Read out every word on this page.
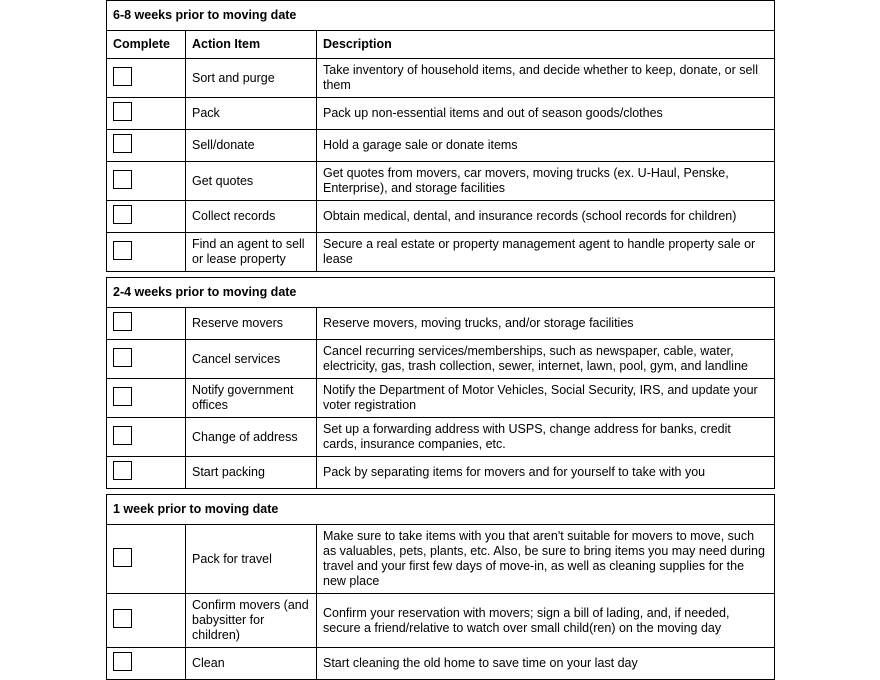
6-8 weeks prior to moving date		
Complete	Action Item	Description
	Sort and purge	Take inventory of household items, and decide whether to keep, donate, or sell them
	Pack	Pack up non-essential items and out of season goods/clothes
	Sell/donate	Hold a garage sale or donate items
	Get quotes	Get quotes from movers, car movers, moving trucks (ex. U-Haul, Penske, Enterprise), and storage facilities
	Collect records	Obtain medical, dental, and insurance records (school records for children)
	Find an agent to sell or lease property	Secure a real estate or property management agent to handle property sale or lease

2-4 weeks prior to moving date		
	Reserve movers	Reserve movers, moving trucks, and/or storage facilities
	Cancel services	Cancel recurring services/memberships, such as newspaper, cable, water, electricity, gas, trash collection, sewer, internet, lawn, pool, gym, and landline
	Notify government offices	Notify the Department of Motor Vehicles, Social Security, IRS, and update your voter registration
	Change of address	Set up a forwarding address with USPS, change address for banks, credit cards, insurance companies, etc.
	Start packing	Pack by separating items for movers and for yourself to take with you

1 week prior to moving date		
	Pack for travel	Make sure to take items with you that aren't suitable for movers to move, such as valuables, pets, plants, etc. Also, be sure to bring items you may need during travel and your first few days of move-in, as well as cleaning supplies for the new place
	Confirm movers (and babysitter for children)	Confirm your reservation with movers; sign a bill of lading, and, if needed, secure a friend/relative to watch over small child(ren) on the moving day
	Clean	Start cleaning the old home to save time on your last day
